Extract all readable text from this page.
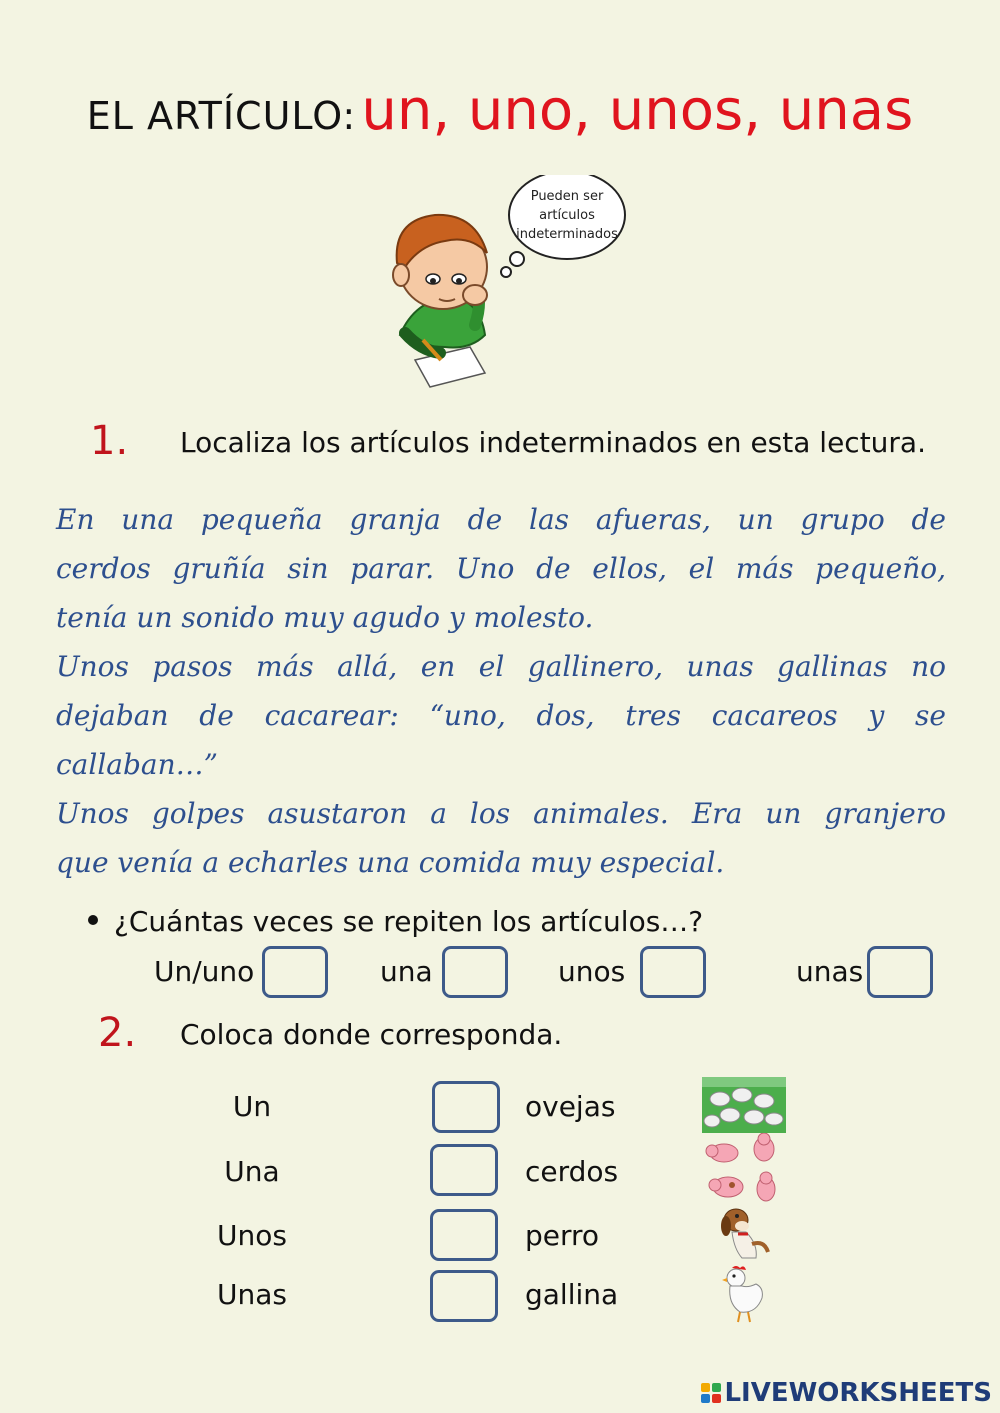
EL ARTÍCULO: un, uno, unos, unas
Pueden ser
artículos
indeterminados
1. Localiza los artículos indeterminados en esta lectura.

En una pequeña granja de las afueras, un grupo de
cerdos gruñía sin parar. Uno de ellos, el más pequeño,
tenía un sonido muy agudo y molesto.
Unos pasos más allá, en el gallinero, unas gallinas no
dejaban de cacarear: “uno, dos, tres cacareos y se
callaban…”
Unos golpes asustaron a los animales. Era un granjero
que venía a echarles una comida muy especial.

¿Cuántas veces se repiten los artículos…?
Un/uno	una	unos	unas
2. Coloca donde corresponda.
Un	ovejas
Una	cerdos
Unos	perro
Unas	gallina
LIVEWORKSHEETS
